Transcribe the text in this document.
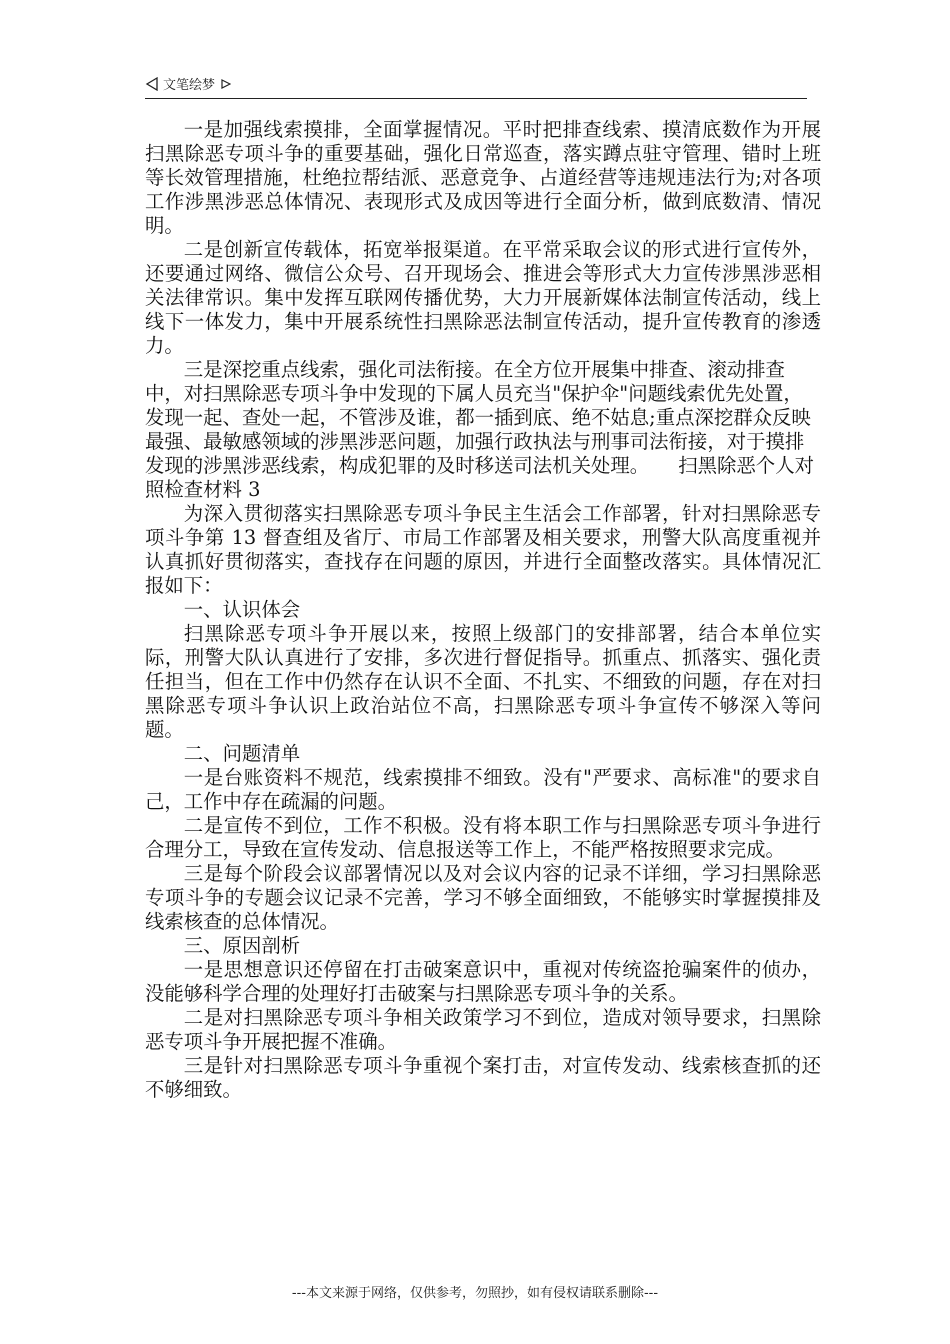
文笔绘梦

一是加强线索摸排，全面掌握情况。平时把排查线索、摸清底数作为开展扫黑除恶专项斗争的重要基础，强化日常巡查，落实蹲点驻守管理、错时上班等长效管理措施，杜绝拉帮结派、恶意竞争、占道经营等违规违法行为;对各项工作涉黑涉恶总体情况、表现形式及成因等进行全面分析，做到底数清、情况明。

二是创新宣传载体，拓宽举报渠道。在平常采取会议的形式进行宣传外，还要通过网络、微信公众号、召开现场会、推进会等形式大力宣传涉黑涉恶相关法律常识。集中发挥互联网传播优势，大力开展新媒体法制宣传活动，线上线下一体发力，集中开展系统性扫黑除恶法制宣传活动，提升宣传教育的渗透力。

三是深挖重点线索，强化司法衔接。在全方位开展集中排查、滚动排查中，对扫黑除恶专项斗争中发现的下属人员充当"保护伞"问题线索优先处置，发现一起、查处一起，不管涉及谁，都一插到底、绝不姑息;重点深挖群众反映最强、最敏感领域的涉黑涉恶问题，加强行政执法与刑事司法衔接，对于摸排发现的涉黑涉恶线索，构成犯罪的及时移送司法机关处理。　　扫黑除恶个人对照检查材料 3

为深入贯彻落实扫黑除恶专项斗争民主生活会工作部署，针对扫黑除恶专项斗争第 13 督查组及省厅、市局工作部署及相关要求，刑警大队高度重视并认真抓好贯彻落实，查找存在问题的原因，并进行全面整改落实。具体情况汇报如下：

一、认识体会

扫黑除恶专项斗争开展以来，按照上级部门的安排部署，结合本单位实际，刑警大队认真进行了安排，多次进行督促指导。抓重点、抓落实、强化责任担当，但在工作中仍然存在认识不全面、不扎实、不细致的问题，存在对扫黑除恶专项斗争认识上政治站位不高，扫黑除恶专项斗争宣传不够深入等问题。

二、问题清单

一是台账资料不规范，线索摸排不细致。没有"严要求、高标准"的要求自己，工作中存在疏漏的问题。

二是宣传不到位，工作不积极。没有将本职工作与扫黑除恶专项斗争进行合理分工，导致在宣传发动、信息报送等工作上，不能严格按照要求完成。

三是每个阶段会议部署情况以及对会议内容的记录不详细，学习扫黑除恶专项斗争的专题会议记录不完善，学习不够全面细致，不能够实时掌握摸排及线索核查的总体情况。

三、原因剖析

一是思想意识还停留在打击破案意识中，重视对传统盗抢骗案件的侦办，没能够科学合理的处理好打击破案与扫黑除恶专项斗争的关系。

二是对扫黑除恶专项斗争相关政策学习不到位，造成对领导要求，扫黑除恶专项斗争开展把握不准确。

三是针对扫黑除恶专项斗争重视个案打击，对宣传发动、线索核查抓的还不够细致。

---本文来源于网络，仅供参考，勿照抄，如有侵权请联系删除---
